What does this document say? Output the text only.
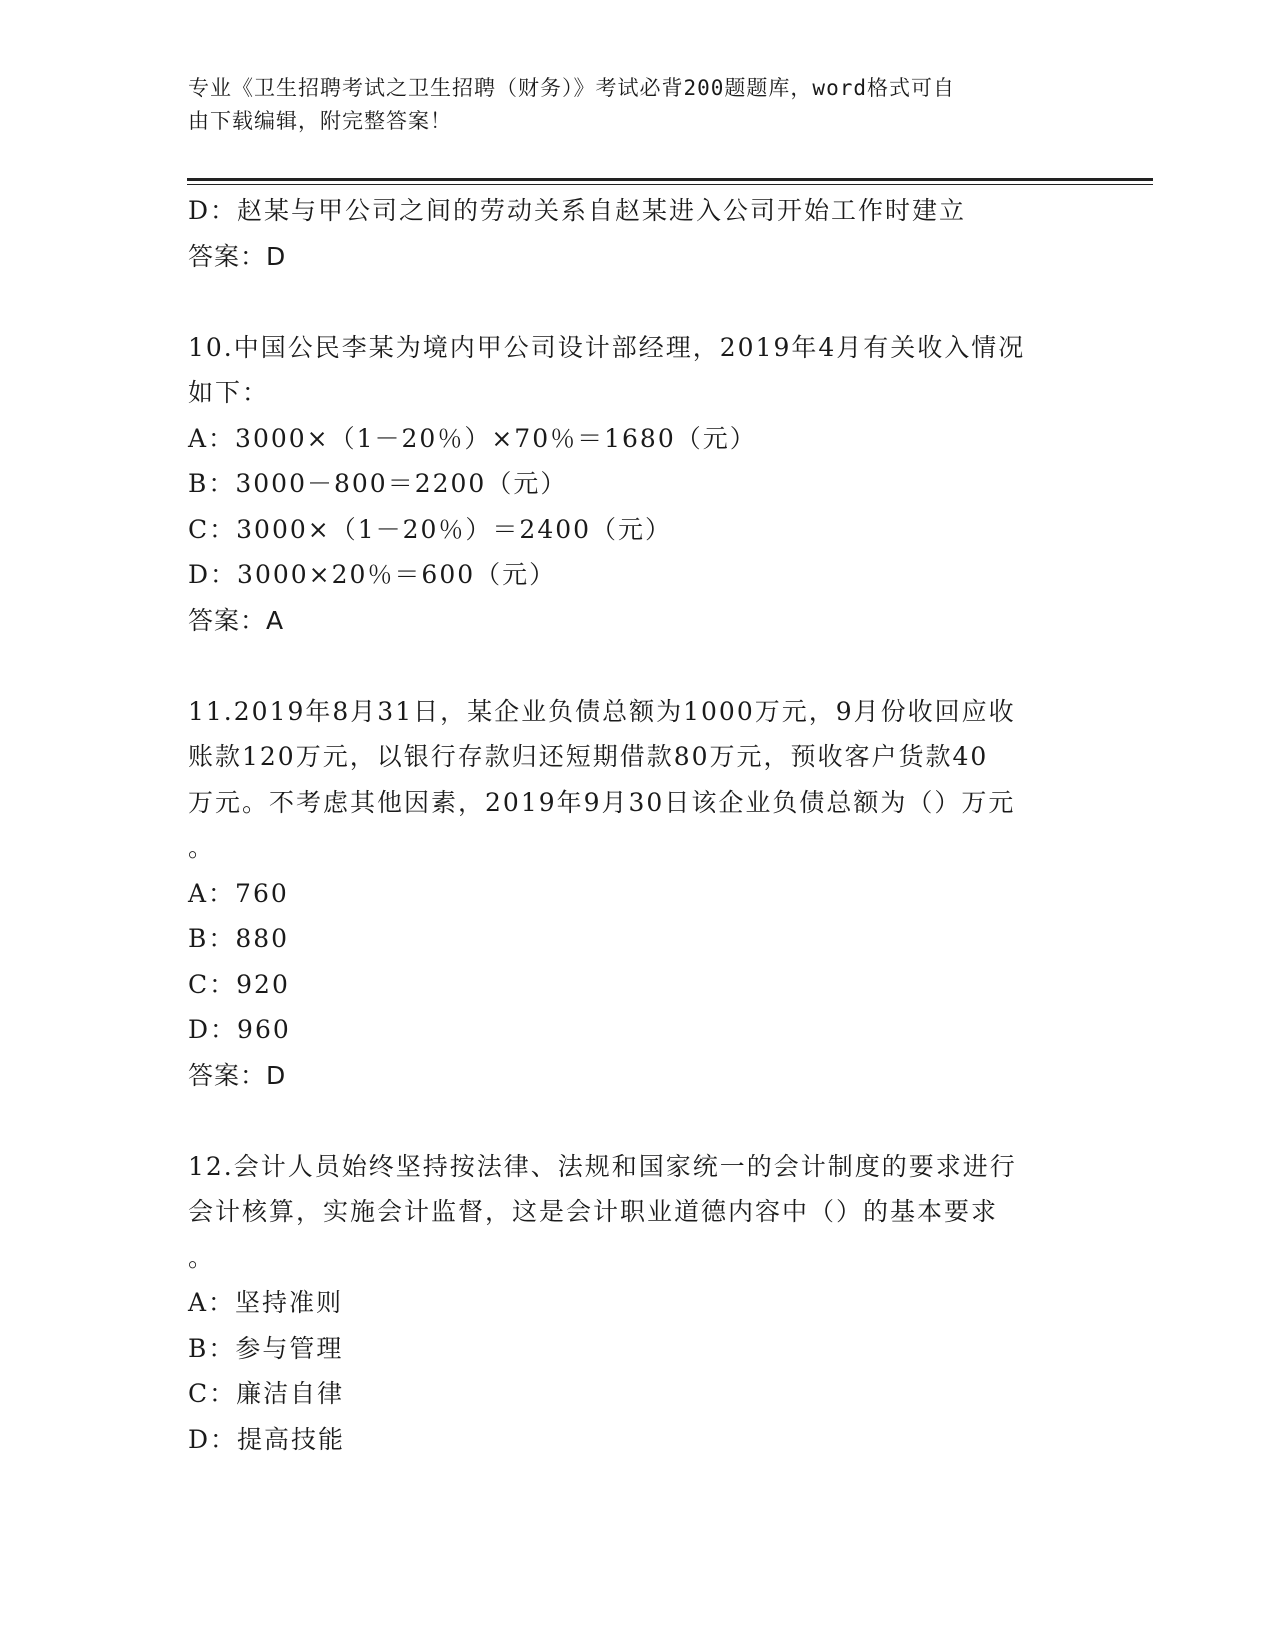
专业《卫生招聘考试之卫生招聘（财务）》考试必背200题题库，word格式可自
由下载编辑，附完整答案！
D：赵某与甲公司之间的劳动关系自赵某进入公司开始工作时建立
答案：D
10.中国公民李某为境内甲公司设计部经理，2019年4月有关收入情况
如下：
A：3000×（1－20％）×70％＝1680（元）
B：3000－800＝2200（元）
C：3000×（1－20％）＝2400（元）
D：3000×20％＝600（元）
答案：A
11.2019年8月31日，某企业负债总额为1000万元，9月份收回应收
账款120万元，以银行存款归还短期借款80万元，预收客户货款40
万元。不考虑其他因素，2019年9月30日该企业负债总额为（）万元
。
A：760
B：880
C：920
D：960
答案：D
12.会计人员始终坚持按法律、法规和国家统一的会计制度的要求进行
会计核算，实施会计监督，这是会计职业道德内容中（）的基本要求
。
A：坚持准则
B：参与管理
C：廉洁自律
D：提高技能
